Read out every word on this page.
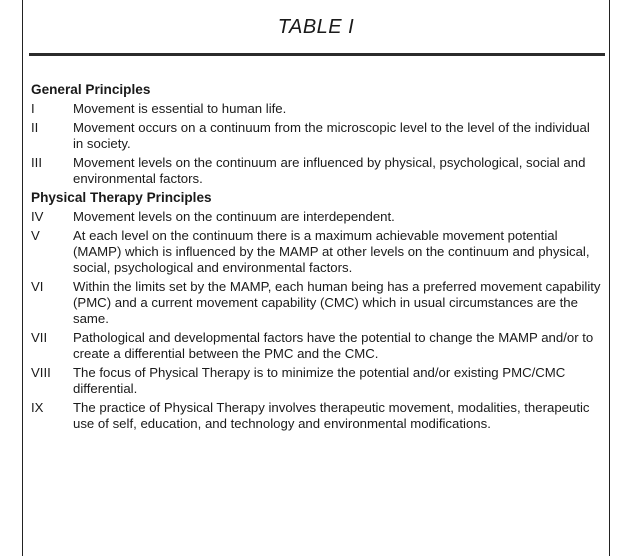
TABLE I
General Principles
I	Movement is essential to human life.
II	Movement occurs on a continuum from the microscopic level to the level of the individual in society.
III	Movement levels on the continuum are influenced by physical, psychological, social and environmental factors.
Physical Therapy Principles
IV	Movement levels on the continuum are interdependent.
V	At each level on the continuum there is a maximum achievable movement potential (MAMP) which is influenced by the MAMP at other levels on the continuum and physical, social, psychological and environmental factors.
VI	Within the limits set by the MAMP, each human being has a preferred movement capability (PMC) and a current movement capability (CMC) which in usual circumstances are the same.
VII	Pathological and developmental factors have the potential to change the MAMP and/or to create a differential between the PMC and the CMC.
VIII	The focus of Physical Therapy is to minimize the potential and/or existing PMC/CMC differential.
IX	The practice of Physical Therapy involves therapeutic movement, modalities, therapeutic use of self, education, and technology and environmental modifications.
